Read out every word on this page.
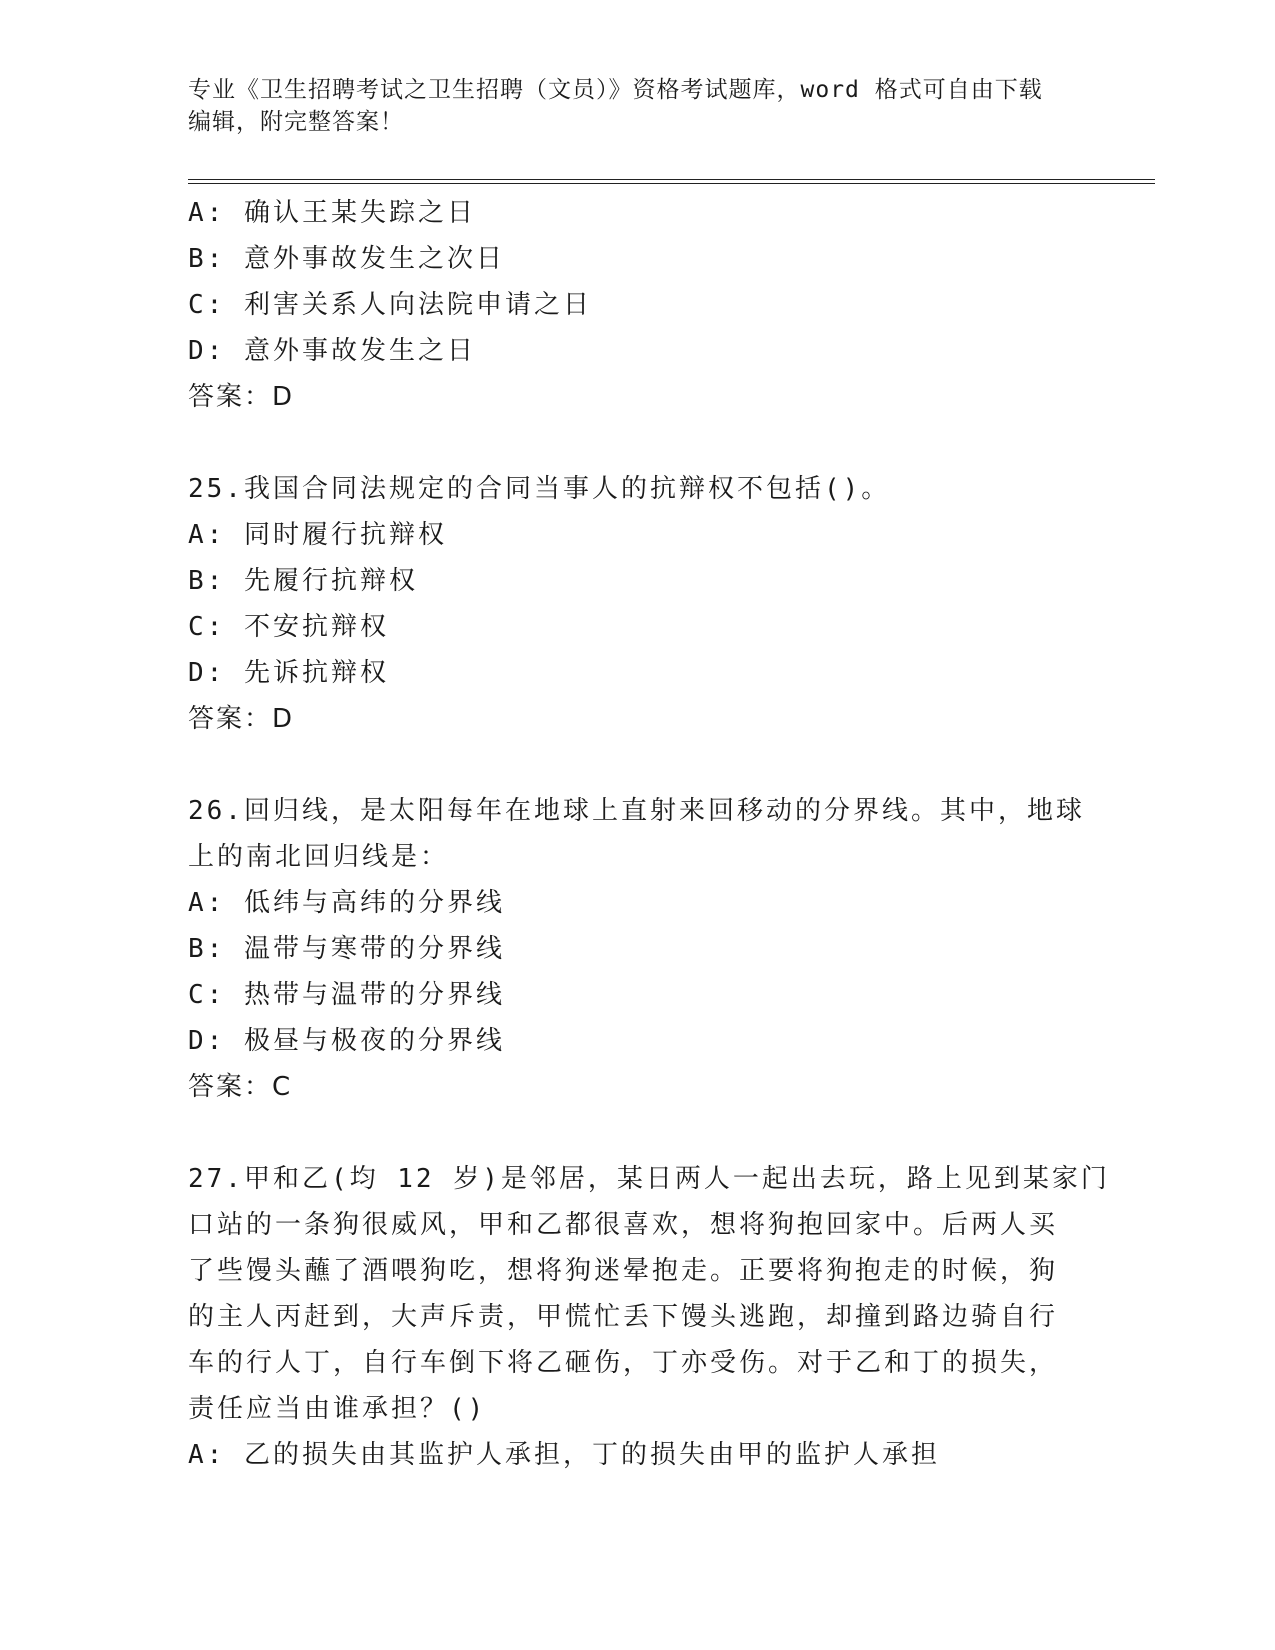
专业《卫生招聘考试之卫生招聘（文员）》资格考试题库，word 格式可自由下载
编辑，附完整答案！
A: 确认王某失踪之日
B: 意外事故发生之次日
C: 利害关系人向法院申请之日
D: 意外事故发生之日
答案：D
25.我国合同法规定的合同当事人的抗辩权不包括()。
A: 同时履行抗辩权
B: 先履行抗辩权
C: 不安抗辩权
D: 先诉抗辩权
答案：D
26.回归线，是太阳每年在地球上直射来回移动的分界线。其中，地球
上的南北回归线是：
A: 低纬与高纬的分界线
B: 温带与寒带的分界线
C: 热带与温带的分界线
D: 极昼与极夜的分界线
答案：C
27.甲和乙(均 12 岁)是邻居，某日两人一起出去玩，路上见到某家门
口站的一条狗很威风，甲和乙都很喜欢，想将狗抱回家中。后两人买
了些馒头蘸了酒喂狗吃，想将狗迷晕抱走。正要将狗抱走的时候，狗
的主人丙赶到，大声斥责，甲慌忙丢下馒头逃跑，却撞到路边骑自行
车的行人丁，自行车倒下将乙砸伤，丁亦受伤。对于乙和丁的损失，
责任应当由谁承担？()
A: 乙的损失由其监护人承担，丁的损失由甲的监护人承担
